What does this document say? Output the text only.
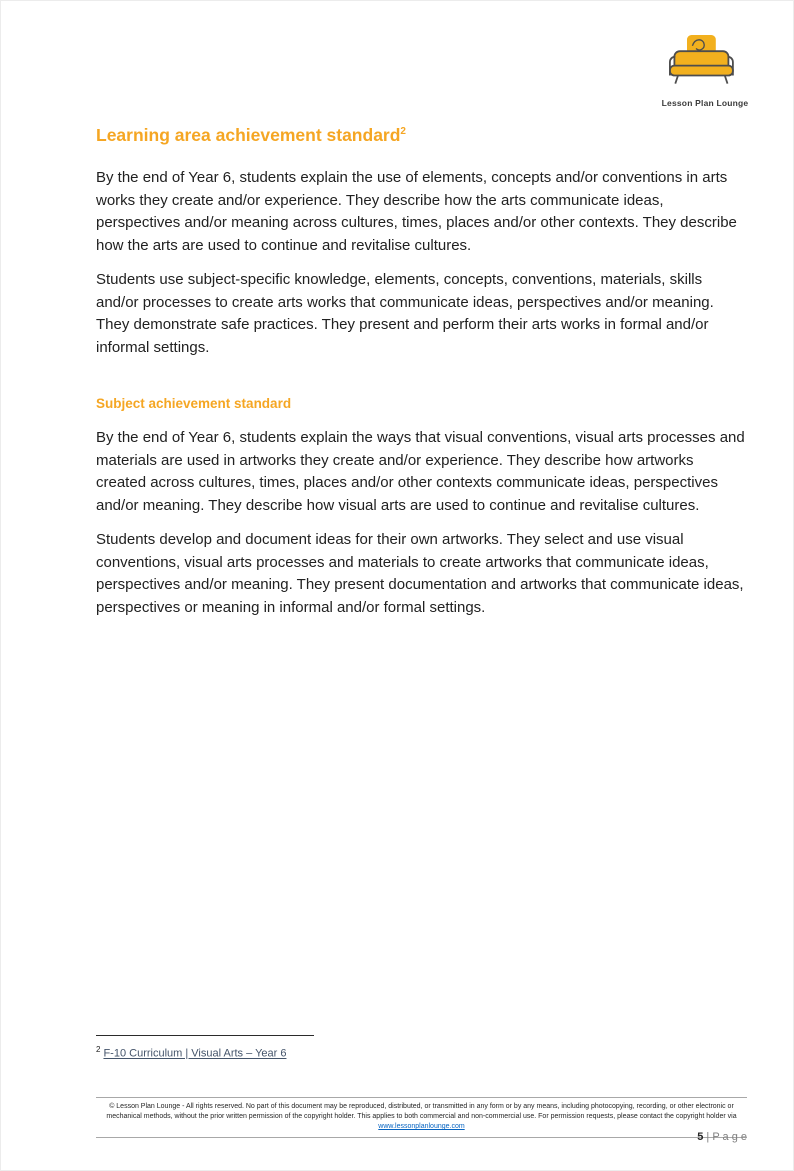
Lesson Plan Lounge
Learning area achievement standard$^2$

By the end of Year 6, students explain the use of elements, concepts and/or conventions in arts works they create and/or experience. They describe how the arts communicate ideas, perspectives and/or meaning across cultures, times, places and/or other contexts. They describe how the arts are used to continue and revitalise cultures.

Students use subject-specific knowledge, elements, concepts, conventions, materials, skills and/or processes to create arts works that communicate ideas, perspectives and/or meaning. They demonstrate safe practices. They present and perform their arts works in formal and/or informal settings.

Subject achievement standard

By the end of Year 6, students explain the ways that visual conventions, visual arts processes and materials are used in artworks they create and/or experience. They describe how artworks created across cultures, times, places and/or other contexts communicate ideas, perspectives and/or meaning. They describe how visual arts are used to continue and revitalise cultures.

Students develop and document ideas for their own artworks. They select and use visual conventions, visual arts processes and materials to create artworks that communicate ideas, perspectives and/or meaning. They present documentation and artworks that communicate ideas, perspectives or meaning in informal and/or formal settings.

$^2$ F-10 Curriculum | Visual Arts – Year 6
© Lesson Plan Lounge - All rights reserved. No part of this document may be reproduced, distributed, or transmitted in any form or by any means, including photocopying, recording, or other electronic or mechanical methods, without the prior written permission of the copyright holder. This applies to both commercial and non-commercial use. For permission requests, please contact the copyright holder via
www.lessonplanlounge.com
5 | P a g e
